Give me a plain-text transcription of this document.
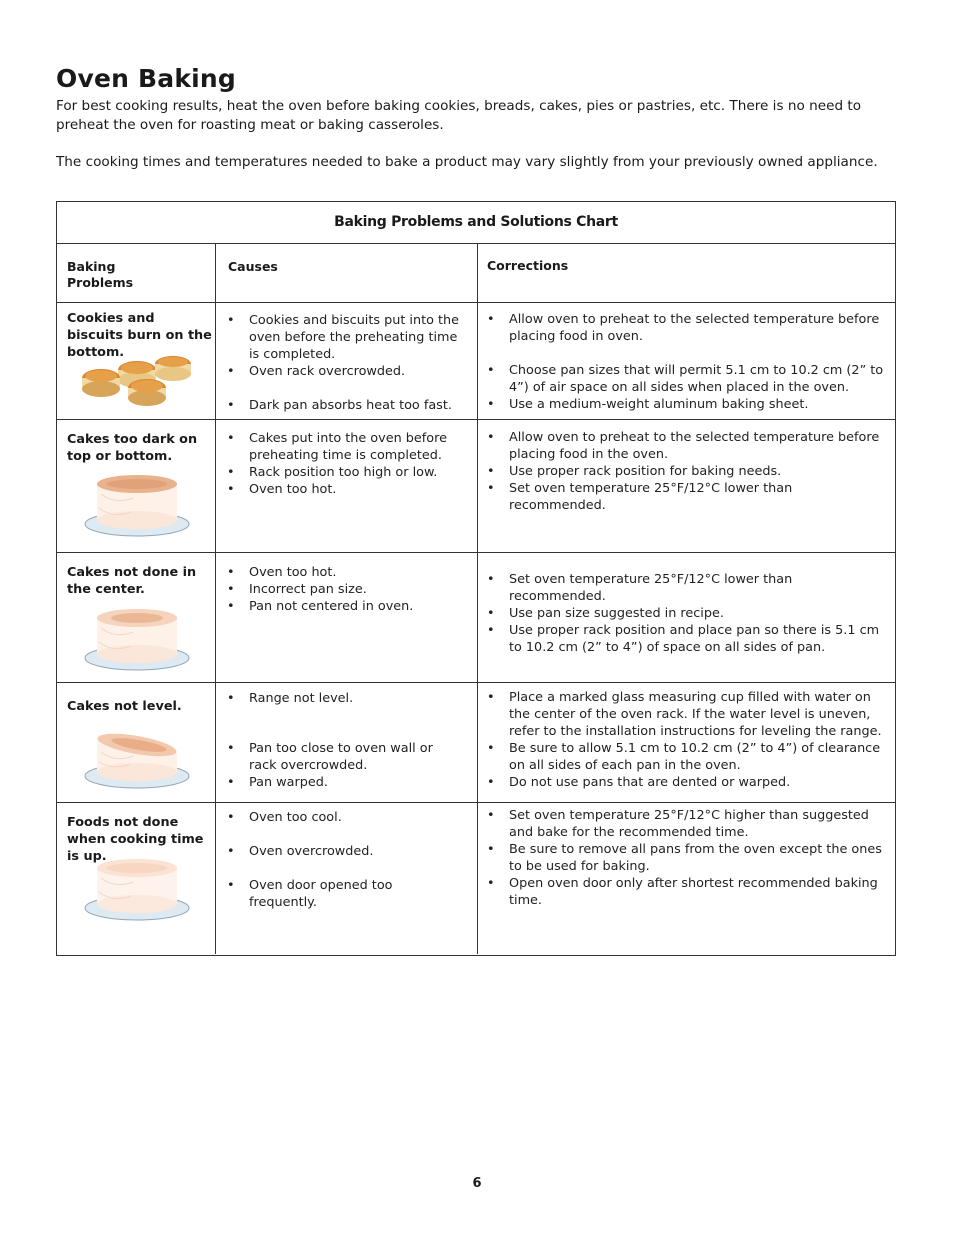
Oven Baking

For best cooking results, heat the oven before baking cookies, breads, cakes, pies or pastries, etc. There is no need to preheat the oven for roasting meat or baking casseroles.

The cooking times and temperatures needed to bake a product may vary slightly from your previously owned appliance.

Baking Problems and Solutions Chart
Baking
Problems
Causes	Corrections
Cookies and biscuits burn on the bottom.
• Cookies and biscuits put into the oven before the preheating time is completed.
• Oven rack overcrowded.
• Dark pan absorbs heat too fast.
• Allow oven to preheat to the selected temperature before placing food in oven.
• Choose pan sizes that will permit 5.1 cm to 10.2 cm (2” to 4”) of air space on all sides when placed in the oven.
• Use a medium-weight aluminum baking sheet.
Cakes too dark on top or bottom.
• Cakes put into the oven before preheating time is completed.
• Rack position too high or low.
• Oven too hot.
• Allow oven to preheat to the selected temperature before placing food in the oven.
• Use proper rack position for baking needs.
• Set oven temperature 25°F/12°C lower than recommended.
Cakes not done in the center.
• Oven too hot.
• Incorrect pan size.
• Pan not centered in oven.
• Set oven temperature 25°F/12°C lower than recommended.
• Use pan size suggested in recipe.
• Use proper rack position and place pan so there is 5.1 cm to 10.2 cm (2” to 4”) of space on all sides of pan.
Cakes not level.
• Range not level.
• Pan too close to oven wall or rack overcrowded.
• Pan warped.
• Place a marked glass measuring cup filled with water on the center of the oven rack. If the water level is uneven, refer to the installation instructions for leveling the range.
• Be sure to allow 5.1 cm to 10.2 cm (2” to 4”) of clearance on all sides of each pan in the oven.
• Do not use pans that are dented or warped.
Foods not done when cooking time is up.
• Oven too cool.
• Oven overcrowded.
• Oven door opened too frequently.
• Set oven temperature 25°F/12°C higher than suggested and bake for the recommended time.
• Be sure to remove all pans from the oven except the ones to be used for baking.
• Open oven door only after shortest recommended baking time.
6
